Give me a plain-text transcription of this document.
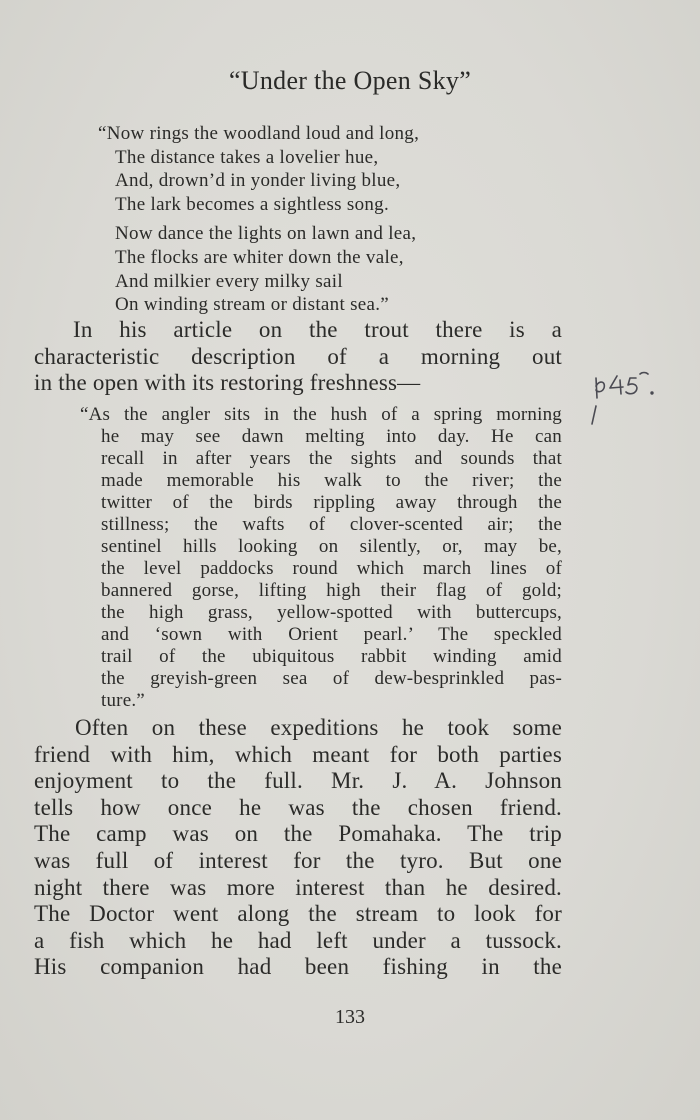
“Under the Open Sky”
“Now rings the woodland loud and long,
The distance takes a lovelier hue,
And, drown’d in yonder living blue,
The lark becomes a sightless song.
Now dance the lights on lawn and lea,
The flocks are whiter down the vale,
And milkier every milky sail
On winding stream or distant sea.”
In his article on the trout there is a
characteristic description of a morning out
in the open with its restoring freshness—
“As the angler sits in the hush of a spring morning
he may see dawn melting into day. He can
recall in after years the sights and sounds that
made memorable his walk to the river; the
twitter of the birds rippling away through the
stillness; the wafts of clover-scented air; the
sentinel hills looking on silently, or, may be,
the level paddocks round which march lines of
bannered gorse, lifting high their flag of gold;
the high grass, yellow-spotted with buttercups,
and ‘sown with Orient pearl.’ The speckled
trail of the ubiquitous rabbit winding amid
the greyish-green sea of dew-besprinkled pas-
ture.”
Often on these expeditions he took some
friend with him, which meant for both parties
enjoyment to the full. Mr. J. A. Johnson
tells how once he was the chosen friend.
The camp was on the Pomahaka. The trip
was full of interest for the tyro. But one
night there was more interest than he desired.
The Doctor went along the stream to look for
a fish which he had left under a tussock.
His companion had been fishing in the
133
